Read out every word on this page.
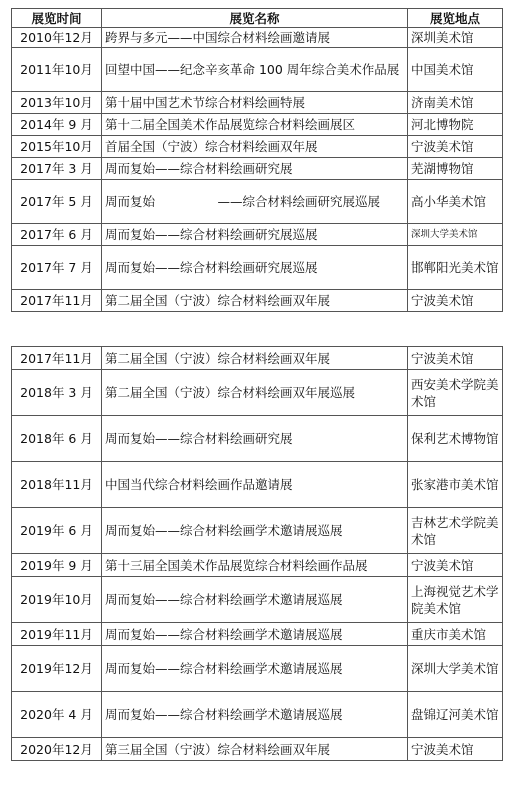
展览时间	展览名称	展览地点
2010年12月	跨界与多元——中国综合材料绘画邀请展	深圳美术馆
2011年10月	回望中国——纪念辛亥革命 100 周年综合美术作品展	中国美术馆
2013年10月	第十届中国艺术节综合材料绘画特展	济南美术馆
2014年 9 月	第十二届全国美术作品展览综合材料绘画展区	河北博物院
2015年10月	首届全国（宁波）综合材料绘画双年展	宁波美术馆
2017年 3 月	周而复始——综合材料绘画研究展	芜湖博物馆
2017年 5 月	周而复始　　　　　——综合材料绘画研究展巡展	高小华美术馆
2017年 6 月	周而复始——综合材料绘画研究展巡展	深圳大学美术馆
2017年 7 月	周而复始——综合材料绘画研究展巡展	邯郸阳光美术馆
2017年11月	第二届全国（宁波）综合材料绘画双年展	宁波美术馆
2017年11月	第二届全国（宁波）综合材料绘画双年展	宁波美术馆
2018年 3 月	第二届全国（宁波）综合材料绘画双年展巡展	西安美术学院美术馆
2018年 6 月	周而复始——综合材料绘画研究展	保利艺术博物馆
2018年11月	中国当代综合材料绘画作品邀请展	张家港市美术馆
2019年 6 月	周而复始——综合材料绘画学术邀请展巡展	吉林艺术学院美术馆
2019年 9 月	第十三届全国美术作品展览综合材料绘画作品展	宁波美术馆
2019年10月	周而复始——综合材料绘画学术邀请展巡展	上海视觉艺术学院美术馆
2019年11月	周而复始——综合材料绘画学术邀请展巡展	重庆市美术馆
2019年12月	周而复始——综合材料绘画学术邀请展巡展	深圳大学美术馆
2020年 4 月	周而复始——综合材料绘画学术邀请展巡展	盘锦辽河美术馆
2020年12月	第三届全国（宁波）综合材料绘画双年展	宁波美术馆
